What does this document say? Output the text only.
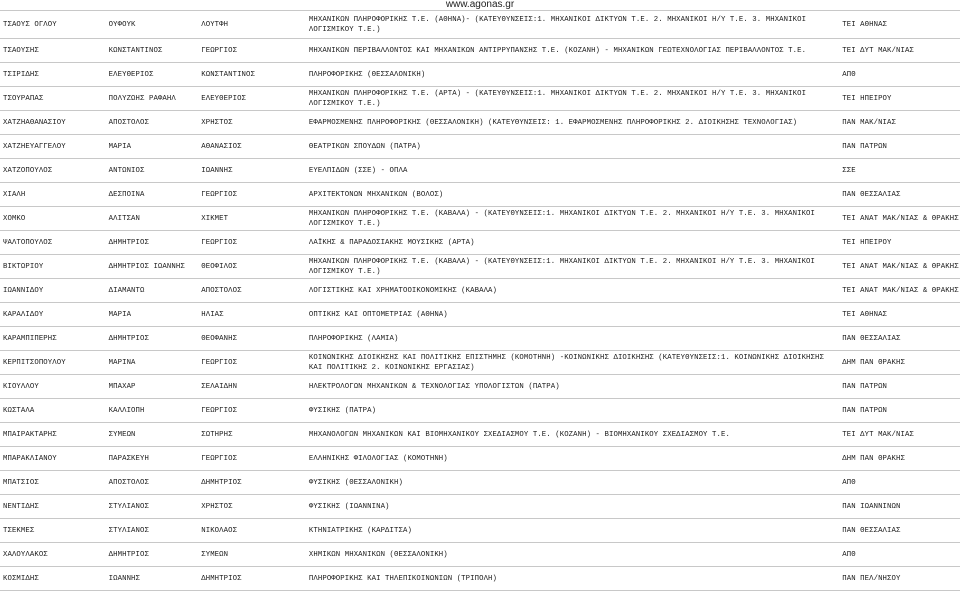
www.agonas.gr
ΤΣΑΟΥΣ ΟΓΛΟΥ	ΟΥΦΟΥΚ	ΛΟΥΤΦΗ	ΜΗΧΑΝΙΚΩΝ ΠΛΗΡΟΦΟΡΙΚΗΣ Τ.Ε. (ΑΘΗΝΑ)- (ΚΑΤΕΥΘΥΝΣΕΙΣ:1. ΜΗΧΑΝΙΚΟΙ ΔΙΚΤΥΩΝ Τ.Ε. 2. ΜΗΧΑΝΙΚΟΙ Η/Υ Τ.Ε. 3. ΜΗΧΑΝΙΚΟΙ ΛΟΓΙΣΜΙΚΟΥ Τ.Ε.)	ΤΕΙ ΑΘΗΝΑΣ
ΤΣΑΟΥΣΗΣ	ΚΩΝΣΤΑΝΤΙΝΟΣ	ΓΕΩΡΓΙΟΣ	ΜΗΧΑΝΙΚΩΝ ΠΕΡΙΒΑΛΛΟΝΤΟΣ ΚΑΙ ΜΗΧΑΝΙΚΩΝ ΑΝΤΙΡΡΥΠΑΝΣΗΣ Τ.Ε. (ΚΟΖΑΝΗ) - ΜΗΧΑΝΙΚΩΝ ΓΕΩΤΕΧΝΟΛΟΓΙΑΣ ΠΕΡΙΒΑΛΛΟΝΤΟΣ Τ.Ε.	ΤΕΙ ΔΥΤ ΜΑΚ/ΝΙΑΣ
ΤΣΙΡΙΔΗΣ	ΕΛΕΥΘΕΡΙΟΣ	ΚΩΝΣΤΑΝΤΙΝΟΣ	ΠΛΗΡΟΦΟΡΙΚΗΣ (ΘΕΣΣΑΛΟΝΙΚΗ)	ΑΠΘ
ΤΣΟΥΡΑΠΑΣ	ΠΟΛΥΖΩΗΣ ΡΑΦΑΗΛ	ΕΛΕΥΘΕΡΙΟΣ	ΜΗΧΑΝΙΚΩΝ ΠΛΗΡΟΦΟΡΙΚΗΣ Τ.Ε. (ΑΡΤΑ) - (ΚΑΤΕΥΘΥΝΣΕΙΣ:1. ΜΗΧΑΝΙΚΟΙ ΔΙΚΤΥΩΝ Τ.Ε. 2. ΜΗΧΑΝΙΚΟΙ Η/Υ Τ.Ε. 3. ΜΗΧΑΝΙΚΟΙ ΛΟΓΙΣΜΙΚΟΥ Τ.Ε.)	ΤΕΙ ΗΠΕΙΡΟΥ
ΧΑΤΖΗΑΘΑΝΑΣΙΟΥ	ΑΠΟΣΤΟΛΟΣ	ΧΡΗΣΤΟΣ	ΕΦΑΡΜΟΣΜΕΝΗΣ ΠΛΗΡΟΦΟΡΙΚΗΣ (ΘΕΣΣΑΛΟΝΙΚΗ) (ΚΑΤΕΥΘΥΝΣΕΙΣ: 1. ΕΦΑΡΜΟΣΜΕΝΗΣ ΠΛΗΡΟΦΟΡΙΚΗΣ 2. ΔΙΟΙΚΗΣΗΣ ΤΕΧΝΟΛΟΓΙΑΣ)	ΠΑΝ ΜΑΚ/ΝΙΑΣ
ΧΑΤΖΗΕΥΑΓΓΕΛΟΥ	ΜΑΡΙΑ	ΑΘΑΝΑΣΙΟΣ	ΘΕΑΤΡΙΚΩΝ ΣΠΟΥΔΩΝ (ΠΑΤΡΑ)	ΠΑΝ ΠΑΤΡΩΝ
ΧΑΤΖΟΠΟΥΛΟΣ	ΑΝΤΩΝΙΟΣ	ΙΩΑΝΝΗΣ	ΕΥΕΛΠΙΔΩΝ (ΣΣΕ) - ΟΠΛΑ	ΣΣΕ
ΧΙΑΛΗ	ΔΕΣΠΟΙΝΑ	ΓΕΩΡΓΙΟΣ	ΑΡΧΙΤΕΚΤΟΝΩΝ ΜΗΧΑΝΙΚΩΝ (ΒΟΛΟΣ)	ΠΑΝ ΘΕΣΣΑΛΙΑΣ
ΧΟΜΚΟ	ΑΛΙΤΣΑΝ	ΧΙΚΜΕΤ	ΜΗΧΑΝΙΚΩΝ ΠΛΗΡΟΦΟΡΙΚΗΣ Τ.Ε. (ΚΑΒΑΛΑ) - (ΚΑΤΕΥΘΥΝΣΕΙΣ:1. ΜΗΧΑΝΙΚΟΙ ΔΙΚΤΥΩΝ Τ.Ε. 2. ΜΗΧΑΝΙΚΟΙ Η/Υ Τ.Ε. 3. ΜΗΧΑΝΙΚΟΙ ΛΟΓΙΣΜΙΚΟΥ Τ.Ε.)	ΤΕΙ ΑΝΑΤ ΜΑΚ/ΝΙΑΣ & ΘΡΑΚΗΣ
ΨΑΛΤΟΠΟΥΛΟΣ	ΔΗΜΗΤΡΙΟΣ	ΓΕΩΡΓΙΟΣ	ΛΑΪΚΗΣ & ΠΑΡΑΔΟΣΙΑΚΗΣ ΜΟΥΣΙΚΗΣ (ΑΡΤΑ)	ΤΕΙ ΗΠΕΙΡΟΥ
ΒΙΚΤΩΡΙΟΥ	ΔΗΜΗΤΡΙΟΣ ΙΩΑΝΝΗΣ	ΘΕΟΦΙΛΟΣ	ΜΗΧΑΝΙΚΩΝ ΠΛΗΡΟΦΟΡΙΚΗΣ Τ.Ε. (ΚΑΒΑΛΑ) - (ΚΑΤΕΥΘΥΝΣΕΙΣ:1. ΜΗΧΑΝΙΚΟΙ ΔΙΚΤΥΩΝ Τ.Ε. 2. ΜΗΧΑΝΙΚΟΙ Η/Υ Τ.Ε. 3. ΜΗΧΑΝΙΚΟΙ ΛΟΓΙΣΜΙΚΟΥ Τ.Ε.)	ΤΕΙ ΑΝΑΤ ΜΑΚ/ΝΙΑΣ & ΘΡΑΚΗΣ
ΙΩΑΝΝΙΔΟΥ	ΔΙΑΜΑΝΤΩ	ΑΠΟΣΤΟΛΟΣ	ΛΟΓΙΣΤΙΚΗΣ ΚΑΙ ΧΡΗΜΑΤΟΟΙΚΟΝΟΜΙΚΗΣ (ΚΑΒΑΛΑ)	ΤΕΙ ΑΝΑΤ ΜΑΚ/ΝΙΑΣ & ΘΡΑΚΗΣ
ΚΑΡΑΛΙΔΟΥ	ΜΑΡΙΑ	ΗΛΙΑΣ	ΟΠΤΙΚΗΣ ΚΑΙ ΟΠΤΟΜΕΤΡΙΑΣ (ΑΘΗΝΑ)	ΤΕΙ ΑΘΗΝΑΣ
ΚΑΡΑΜΠΙΠΕΡΗΣ	ΔΗΜΗΤΡΙΟΣ	ΘΕΟΦΑΝΗΣ	ΠΛΗΡΟΦΟΡΙΚΗΣ (ΛΑΜΙΑ)	ΠΑΝ ΘΕΣΣΑΛΙΑΣ
ΚΕΡΠΙΤΣΟΠΟΥΛΟΥ	ΜΑΡΙΝΑ	ΓΕΩΡΓΙΟΣ	ΚΟΙΝΩΝΙΚΗΣ ΔΙΟΙΚΗΣΗΣ ΚΑΙ ΠΟΛΙΤΙΚΗΣ ΕΠΙΣΤΗΜΗΣ (ΚΟΜΟΤΗΝΗ) -ΚΟΙΝΩΝΙΚΗΣ ΔΙΟΙΚΗΣΗΣ (ΚΑΤΕΥΘΥΝΣΕΙΣ:1. ΚΟΙΝΩΝΙΚΗΣ ΔΙΟΙΚΗΣΗΣ ΚΑΙ ΠΟΛΙΤΙΚΗΣ 2. ΚΟΙΝΩΝΙΚΗΣ ΕΡΓΑΣΙΑΣ)	ΔΗΜ ΠΑΝ ΘΡΑΚΗΣ
ΚΙΟΥΛΛΟΥ	ΜΠΑΧΑΡ	ΣΕΛΑΙΔΗΝ	ΗΛΕΚΤΡΟΛΟΓΩΝ ΜΗΧΑΝΙΚΩΝ & ΤΕΧΝΟΛΟΓΙΑΣ ΥΠΟΛΟΓΙΣΤΩΝ (ΠΑΤΡΑ)	ΠΑΝ ΠΑΤΡΩΝ
ΚΩΣΤΑΛΑ	ΚΑΛΛΙΟΠΗ	ΓΕΩΡΓΙΟΣ	ΦΥΣΙΚΗΣ (ΠΑΤΡΑ)	ΠΑΝ ΠΑΤΡΩΝ
ΜΠΑΙΡΑΚΤΑΡΗΣ	ΣΥΜΕΩΝ	ΣΩΤΗΡΗΣ	ΜΗΧΑΝΟΛΟΓΩΝ ΜΗΧΑΝΙΚΩΝ ΚΑΙ ΒΙΟΜΗΧΑΝΙΚΟΥ ΣΧΕΔΙΑΣΜΟΥ Τ.Ε. (ΚΟΖΑΝΗ) - ΒΙΟΜΗΧΑΝΙΚΟΥ ΣΧΕΔΙΑΣΜΟΥ Τ.Ε.	ΤΕΙ ΔΥΤ ΜΑΚ/ΝΙΑΣ
ΜΠΑΡΑΚΛΙΑΝΟΥ	ΠΑΡΑΣΚΕΥΗ	ΓΕΩΡΓΙΟΣ	ΕΛΛΗΝΙΚΗΣ ΦΙΛΟΛΟΓΙΑΣ (ΚΟΜΟΤΗΝΗ)	ΔΗΜ ΠΑΝ ΘΡΑΚΗΣ
ΜΠΑΤΣΙΟΣ	ΑΠΟΣΤΟΛΟΣ	ΔΗΜΗΤΡΙΟΣ	ΦΥΣΙΚΗΣ (ΘΕΣΣΑΛΟΝΙΚΗ)	ΑΠΘ
ΝΕΝΤΙΔΗΣ	ΣΤΥΛΙΑΝΟΣ	ΧΡΗΣΤΟΣ	ΦΥΣΙΚΗΣ (ΙΩΑΝΝΙΝΑ)	ΠΑΝ ΙΩΑΝΝΙΝΩΝ
ΤΣΕΚΜΕΣ	ΣΤΥΛΙΑΝΟΣ	ΝΙΚΟΛΑΟΣ	ΚΤΗΝΙΑΤΡΙΚΗΣ (ΚΑΡΔΙΤΣΑ)	ΠΑΝ ΘΕΣΣΑΛΙΑΣ
ΧΑΛΟΥΛΑΚΟΣ	ΔΗΜΗΤΡΙΟΣ	ΣΥΜΕΩΝ	ΧΗΜΙΚΩΝ ΜΗΧΑΝΙΚΩΝ (ΘΕΣΣΑΛΟΝΙΚΗ)	ΑΠΘ
ΚΟΣΜΙΔΗΣ	ΙΩΑΝΝΗΣ	ΔΗΜΗΤΡΙΟΣ	ΠΛΗΡΟΦΟΡΙΚΗΣ ΚΑΙ ΤΗΛΕΠΙΚΟΙΝΩΝΙΩΝ (ΤΡΙΠΟΛΗ)	ΠΑΝ ΠΕΛ/ΝΗΣΟΥ
